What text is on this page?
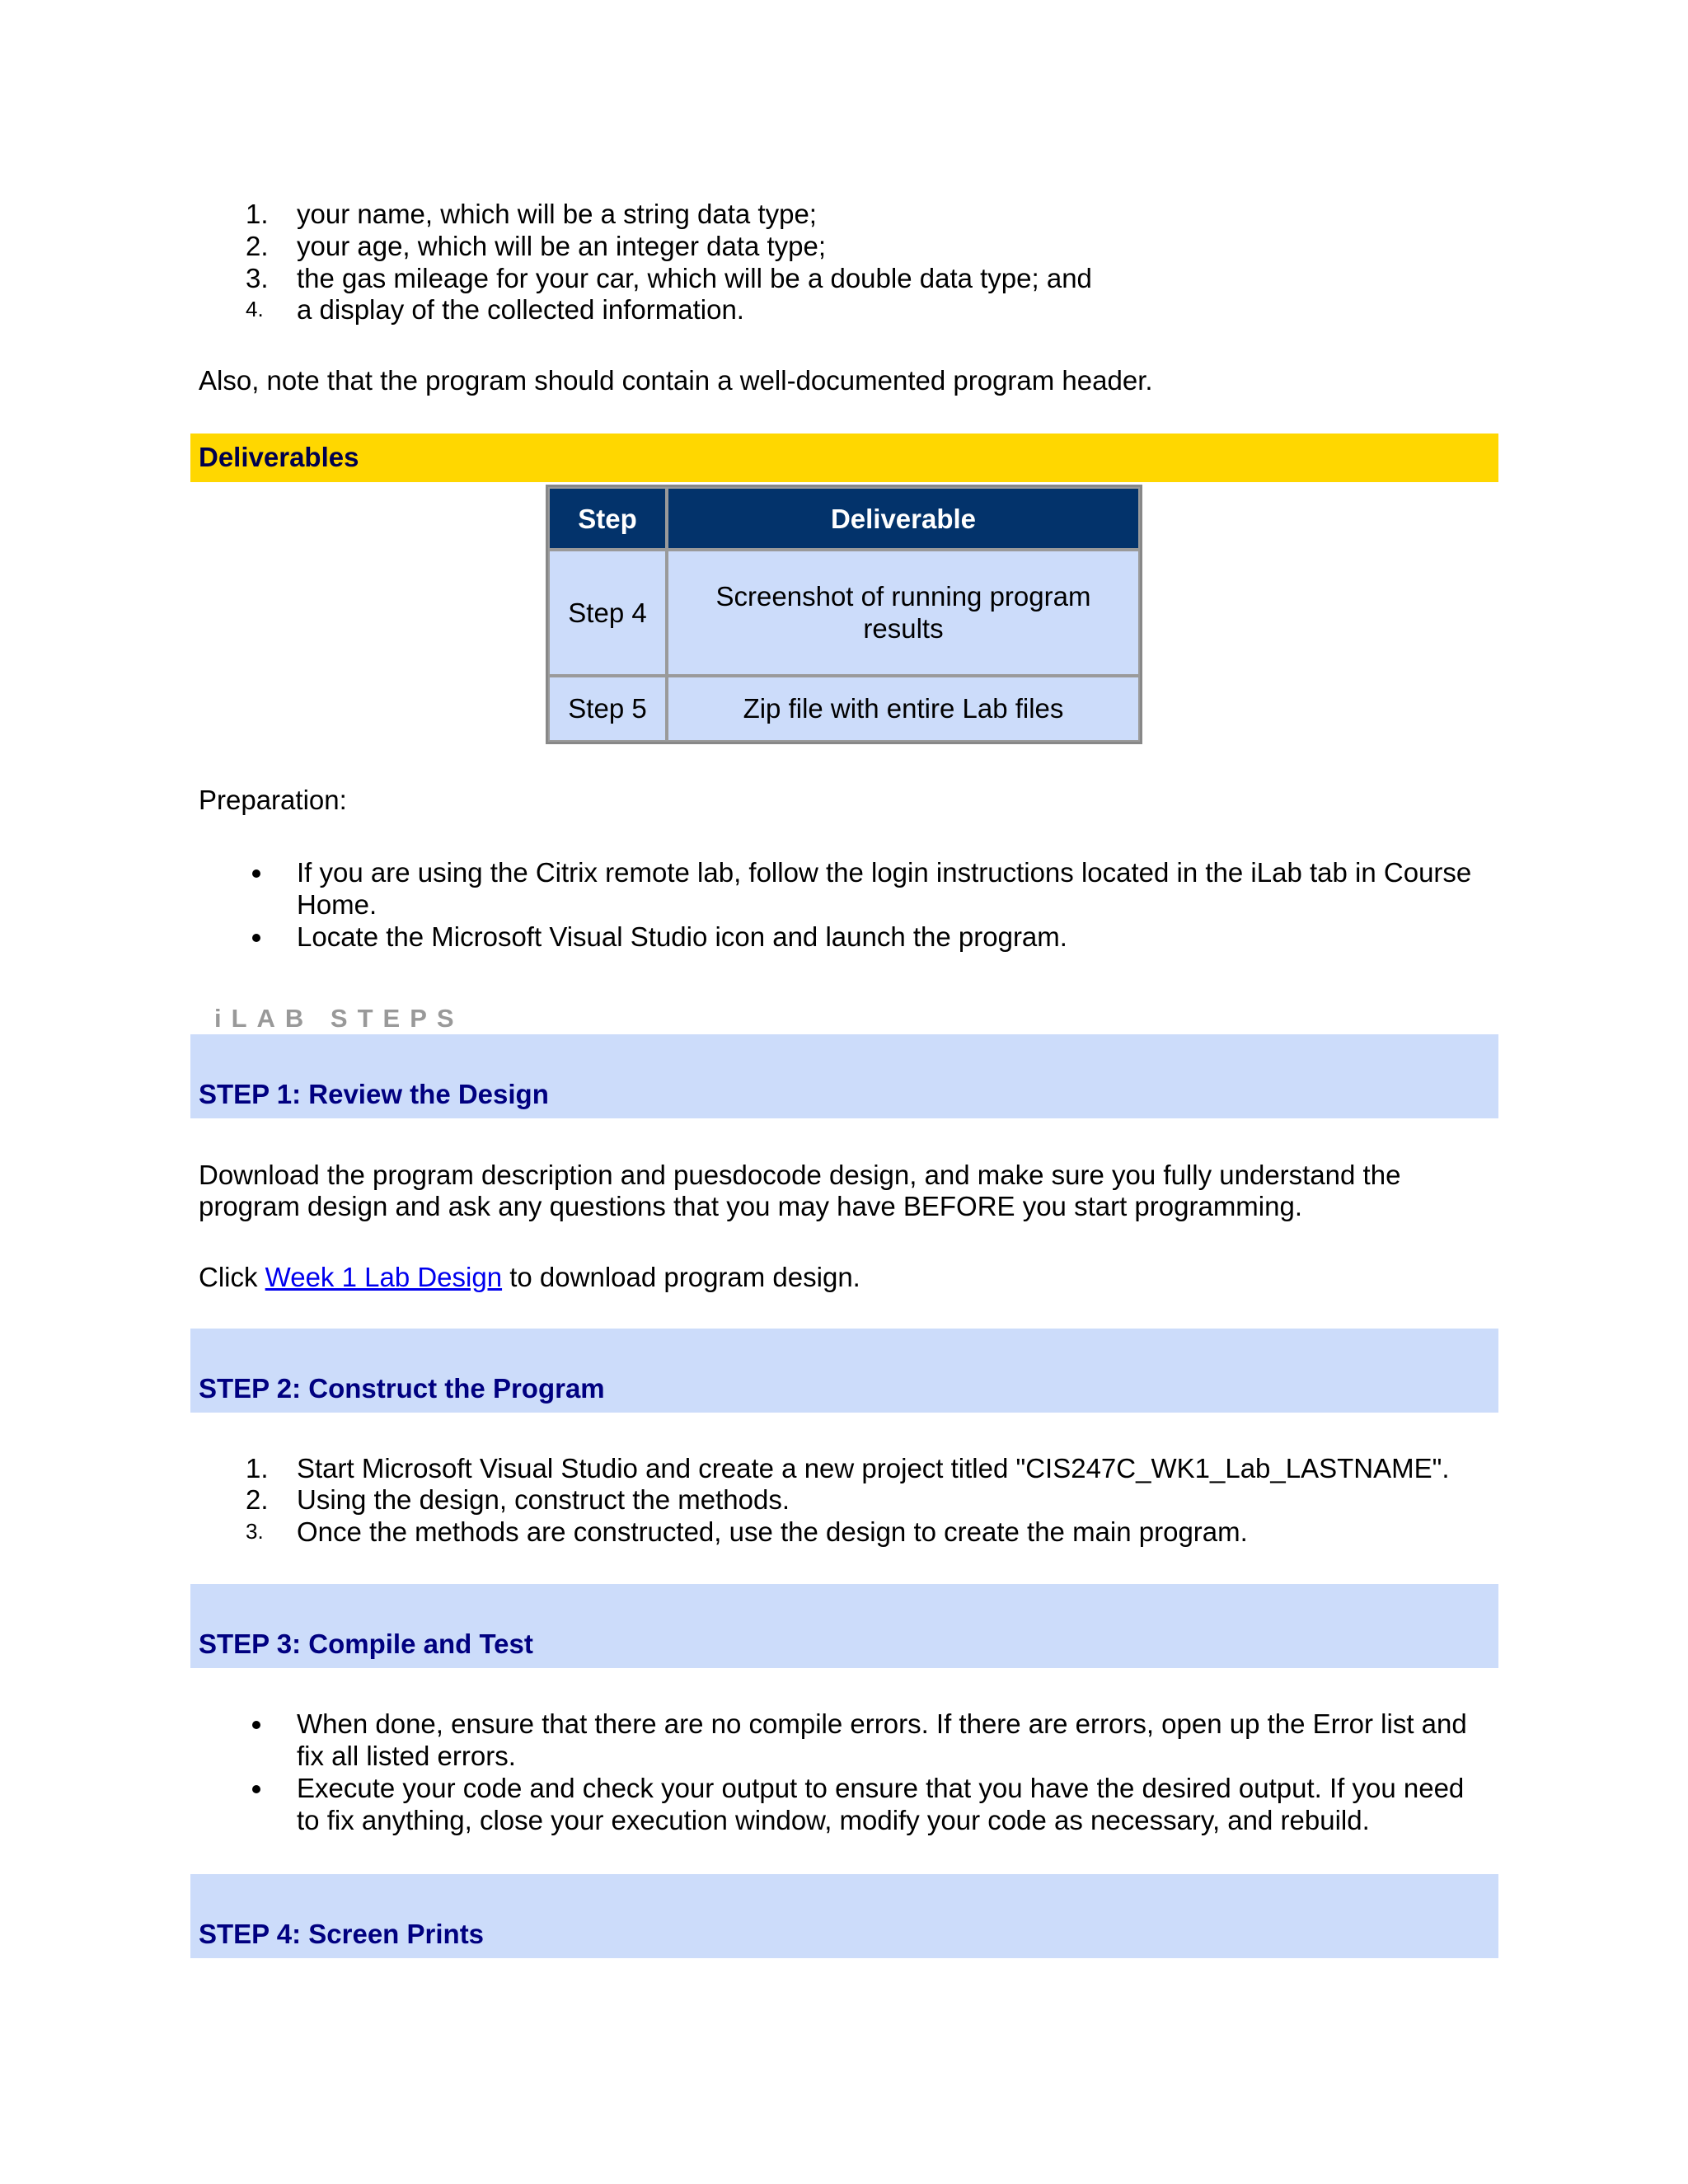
1.	your name, which will be a string data type;
2.	your age, which will be an integer data type;
3.	the gas mileage for your car, which will be a double data type; and
4.	a display of the collected information.
Also, note that the program should contain a well-documented program header.
Deliverables
Step	Deliverable
Step 4	Screenshot of running program results
Step 5	Zip file with entire Lab files
Preparation:
If you are using the Citrix remote lab, follow the login instructions located in the iLab tab in Course
Home.
Locate the Microsoft Visual Studio icon and launch the program.
iLAB STEPS
STEP 1: Review the Design
Download the program description and puesdocode design, and make sure you fully understand the
program design and ask any questions that you may have BEFORE you start programming.
Click Week 1 Lab Design to download program design.
STEP 2: Construct the Program
1.	Start Microsoft Visual Studio and create a new project titled "CIS247C_WK1_Lab_LASTNAME".
2.	Using the design, construct the methods.
3.	Once the methods are constructed, use the design to create the main program.
STEP 3: Compile and Test
When done, ensure that there are no compile errors. If there are errors, open up the Error list and
fix all listed errors.
Execute your code and check your output to ensure that you have the desired output. If you need
to fix anything, close your execution window, modify your code as necessary, and rebuild.
STEP 4: Screen Prints
